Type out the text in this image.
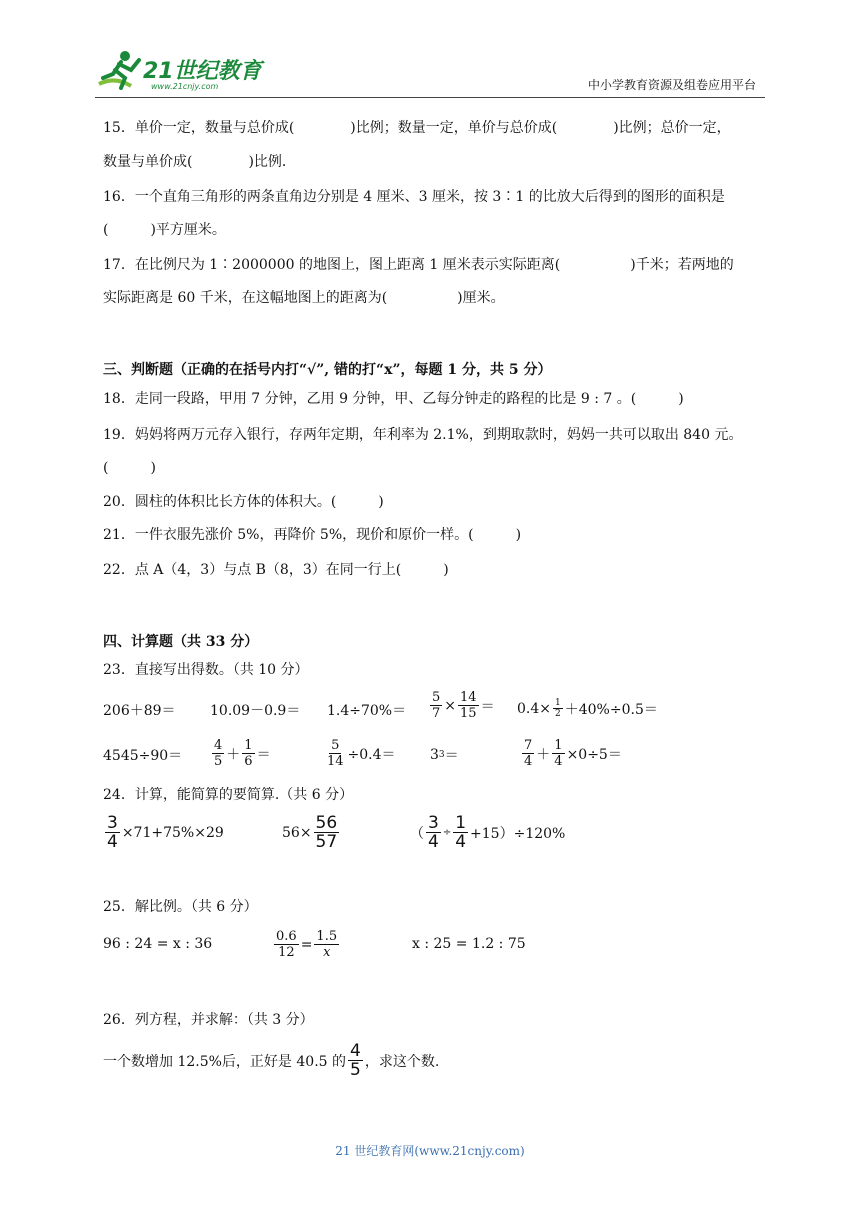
21世纪教育
www.21cnjy.com	中小学教育资源及组卷应用平台
15．单价一定，数量与总价成(　　　　)比例；数量一定，单价与总价成(　　　　)比例；总价一定，
数量与单价成(　　　　)比例．
16．一个直角三角形的两条直角边分别是 4 厘米、3 厘米，按 3∶1 的比放大后得到的图形的面积是
(　　　)平方厘米。
17．在比例尺为 1∶2000000 的地图上，图上距离 1 厘米表示实际距离(　　　　　)千米；若两地的
实际距离是 60 千米，在这幅地图上的距离为(　　　　　)厘米。
三、判断题（正确的在括号内打“√”, 错的打“x”，每题 1 分，共 5 分）
18．走同一段路，甲用 7 分钟，乙用 9 分钟，甲、乙每分钟走的路程的比是 9 : 7 。(　　　)
19．妈妈将两万元存入银行，存两年定期，年利率为 2.1%，到期取款时，妈妈一共可以取出 840 元。
(　　　)
20．圆柱的体积比长方体的体积大。(　　　)
21．一件衣服先涨价 5%，再降价 5%，现价和原价一样。(　　　)
22．点 A（4，3）与点 B（8，3）在同一行上(　　　)
四、计算题（共 33 分）
23．直接写出得数。（共 10 分）
$206+89= 10.09-0.9= 1.4\div 70\%= \frac{5}{7} \times \frac{14}{15} = 0.4\times \frac{1}{2} +40\%\div 0.5=$
$4545\div 90= \frac{4}{5} + \frac{1}{6}$ ＝	$\frac{5}{14} \div 0.4= 3$ 3 ＝	$\frac{7}{4} + \frac{1}{4} \times 0\div 5=$
24．计算，能简算的要简算.（共 6 分）
$\frac{3}{4} \times 71+75\%\times 29$	$56\times \frac{56}{57}$	（ $\frac{3}{4} \div \frac{1}{4} +15)\div 120\%$
25．解比例。（共 6 分）
96 : 24 = x : 36	$\frac{0.6}{12} = \frac{1.5}{x}$	x : 25 = 1.2 : 75
26．列方程，并求解：（共 3 分）
一个数增加 12.5%后，正好是 40.5 的 $\frac{4}{5}$ ，求这个数.
21 世纪教育网(www.21cnjy.com)
